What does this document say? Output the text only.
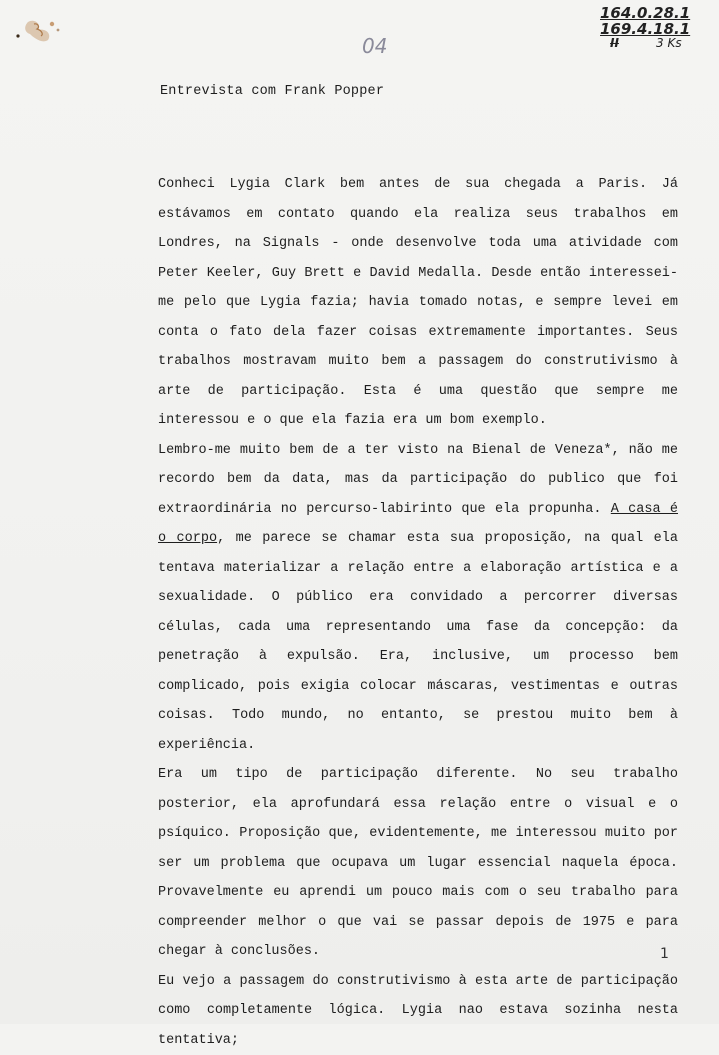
04
164.0.28.1
169.4.18.1
II	3 Ks
Entrevista com Frank Popper

Conheci Lygia Clark bem antes de sua chegada a Paris. Já estávamos em contato quando ela realiza seus trabalhos em Londres, na Signals - onde desenvolve toda uma atividade com Peter Keeler, Guy Brett e David Medalla. Desde então interessei-me pelo que Lygia fazia; havia tomado notas, e sempre levei em conta o fato dela fazer coisas extremamente importantes. Seus trabalhos mostravam muito bem a passagem do construtivismo à arte de participação. Esta é uma questão que sempre me interessou e o que ela fazia era um bom exemplo.

Lembro-me muito bem de a ter visto na Bienal de Veneza*, não me recordo bem da data, mas da participação do publico que foi extraordinária no percurso-labirinto que ela propunha. A casa é o corpo, me parece se chamar esta sua proposição, na qual ela tentava materializar a relação entre a elaboração artística e a sexualidade. O público era convidado a percorrer diversas células, cada uma representando uma fase da concepção: da penetração à expulsão. Era, inclusive, um processo bem complicado, pois exigia colocar máscaras, vestimentas e outras coisas. Todo mundo, no entanto, se prestou muito bem à experiência.

Era um tipo de participação diferente. No seu trabalho posterior, ela aprofundará essa relação entre o visual e o psíquico. Proposição que, evidentemente, me interessou muito por ser um problema que ocupava um lugar essencial naquela época. Provavelmente eu aprendi um pouco mais com o seu trabalho para compreender melhor o que vai se passar depois de 1975 e para chegar à conclusões.

Eu vejo a passagem do construtivismo à esta arte de participação como completamente lógica. Lygia nao estava sozinha nesta tentativa;

1
